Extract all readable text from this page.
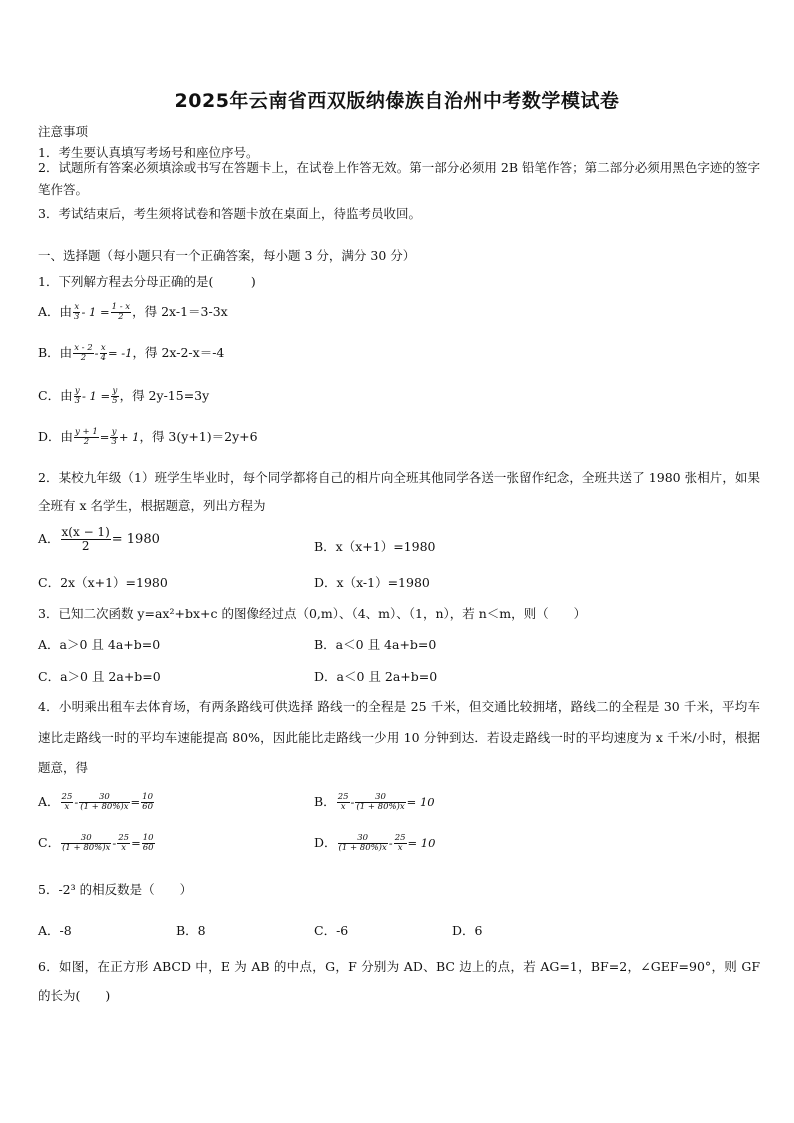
2025年云南省西双版纳傣族自治州中考数学模试卷
注意事项
1．考生要认真填写考场号和座位序号。
2．试题所有答案必须填涂或书写在答题卡上，在试卷上作答无效。第一部分必须用 2B 铅笔作答；第二部分必须用黑色字迹的签字笔作答。
3．考试结束后，考生须将试卷和答题卡放在桌面上，待监考员收回。
一、选择题（每小题只有一个正确答案，每小题 3 分，满分 30 分）
1．下列解方程去分母正确的是(　　　)
A．由 $\frac{x}{3} - 1 = \frac{1 - x}{2}$ ，得 2x-1＝3-3x
B．由 $\frac{x - 2}{2} - \frac{x}{4} = -1$，得 2x-2-x＝-4
C．由 $\frac{y}{3} - 1 = \frac{y}{5}$ ，得 2y-15=3y
D．由 $\frac{y + 1}{2} = \frac{y}{3} + 1$，得 3(y+1)＝2y+6
2．某校九年级（1）班学生毕业时，每个同学都将自己的相片向全班其他同学各送一张留作纪念，全班共送了 1980 张相片，如果全班有 x 名学生，根据题意，列出方程为
A． $\frac{x(x - 1)}{2} = 1980$	B．x（x+1）=1980
C．2x（x+1）=1980	D．x（x-1）=1980
3．已知二次函数 y=ax²+bx+c 的图像经过点（0,m）、（4、m）、（1，n），若 n＜m，则（　　）
A．a＞0 且 4a+b=0	B．a＜0 且 4a+b=0
C．a＞0 且 2a+b=0	D．a＜0 且 2a+b=0
4．小明乘出租车去体育场，有两条路线可供选择 路线一的全程是 25 千米，但交通比较拥堵，路线二的全程是 30 千米，平均车速比走路线一时的平均车速能提高 80%，因此能比走路线一少用 10 分钟到达．若设走路线一时的平均速度为 x 千米/小时，根据题意，得
A． $\frac{25}{x} - \frac{30}{(1 + 80\%)x} = \frac{10}{60}$	B． $\frac{25}{x} - \frac{30}{(1 + 80\%)x} = 10$
C． $\frac{30}{(1 + 80\%)x} - \frac{25}{x} = \frac{10}{60}$	D． $\frac{30}{(1 + 80\%)x} - \frac{25}{x} = 10$
5．-2³ 的相反数是（　　）
A．-8	B．8	C．-6	D．6
6．如图，在正方形 ABCD 中，E 为 AB 的中点，G，F 分别为 AD、BC 边上的点，若 AG=1，BF=2，∠GEF=90°，则 GF 的长为(　　)
